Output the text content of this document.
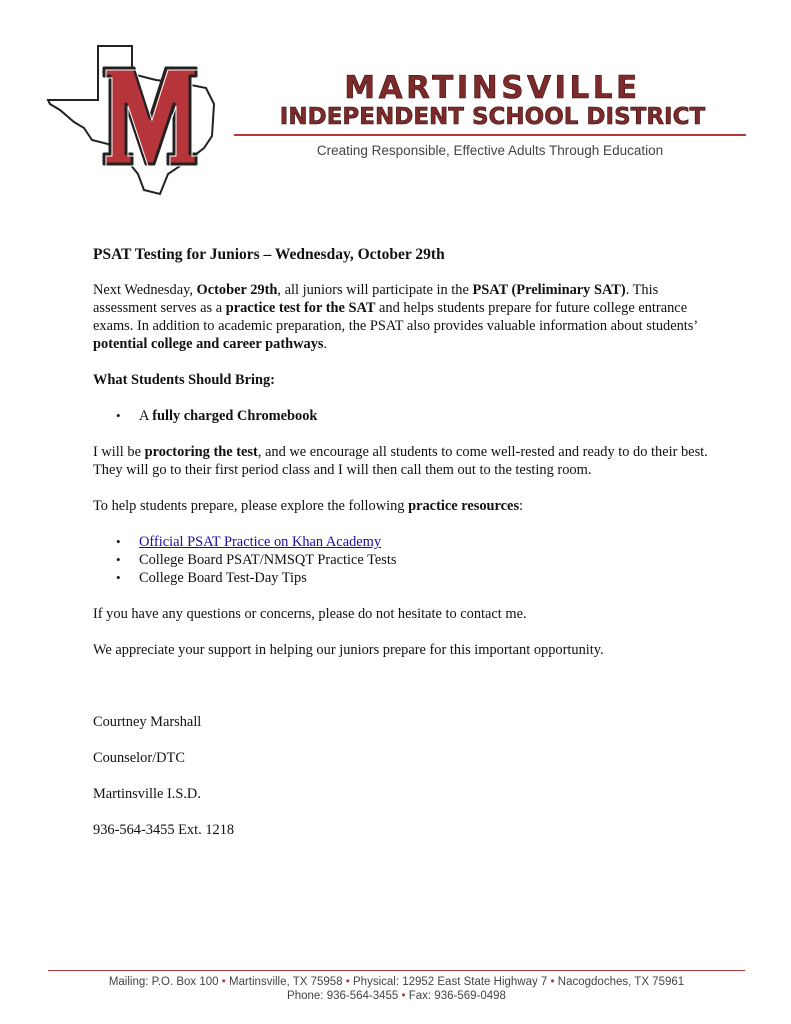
MARTINSVILLE
INDEPENDENT SCHOOL DISTRICT
Creating Responsible, Effective Adults Through Education
PSAT Testing for Juniors – Wednesday, October 29th

Next Wednesday, October 29th, all juniors will participate in the PSAT (Preliminary SAT). This assessment serves as a practice test for the SAT and helps students prepare for future college entrance exams. In addition to academic preparation, the PSAT also provides valuable information about students’ potential college and career pathways.

What Students Should Bring:
• A fully charged Chromebook

I will be proctoring the test, and we encourage all students to come well-rested and ready to do their best. They will go to their first period class and I will then call them out to the testing room.

To help students prepare, please explore the following practice resources:

• Official PSAT Practice on Khan Academy
• College Board PSAT/NMSQT Practice Tests
• College Board Test-Day Tips

If you have any questions or concerns, please do not hesitate to contact me.

We appreciate your support in helping our juniors prepare for this important opportunity.

Courtney Marshall

Counselor/DTC

Martinsville I.S.D.

936-564-3455 Ext. 1218

Mailing: P.O. Box 100 • Martinsville, TX 75958 • Physical: 12952 East State Highway 7 • Nacogdoches, TX 75961
Phone: 936-564-3455 • Fax: 936-569-0498
